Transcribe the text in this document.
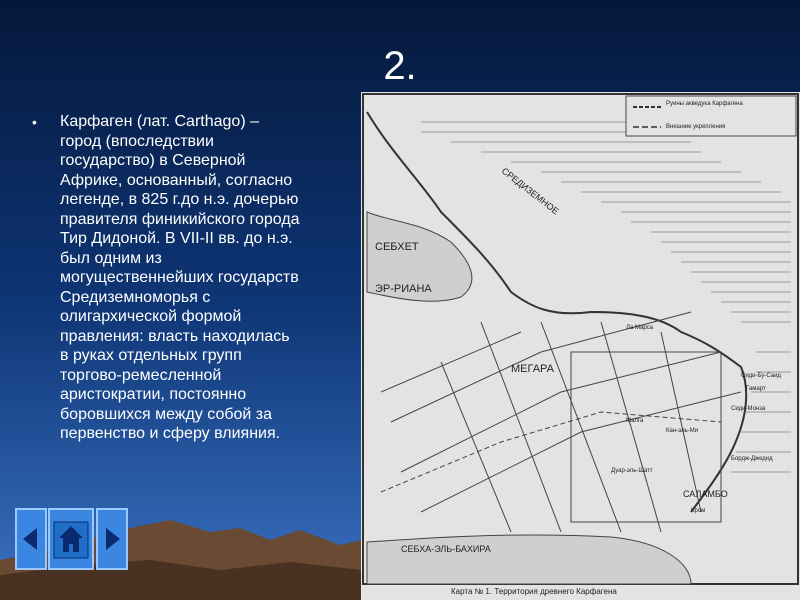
2.
• Карфаген (лат. Carthago) –
город (впоследствии
государство) в Северной
Африке, основанный, согласно
легенде, в 825 г.до н.э. дочерью
правителя финикийского города
Тир Дидоной. В VII-II вв. до н.э.
был одним из
могущественнейших государств
Средиземноморья с
олигархической формой
правления: власть находилась
в руках отдельных групп
торгово-ремесленной
аристократии, постоянно
боровшихся между собой за
первенство и сферу влияния.
СЕБХЕТ
ЭР-РИАНА
МЕГАРА
САЛАМБО
СЕБХА-ЭЛЬ-БАХИРА
СРЕДИЗЕМНОЕ
Ла Марса
Сиди-Бу-Саид
Гамарт
Сиди-Монза
Бордж-Джедид
Малга
Дуар-эль-Шатт
Кром
Кан-эль-Ми
Руины акведука Карфагена
Внешние укрепления
Карта № 1. Территория древнего Карфагена
